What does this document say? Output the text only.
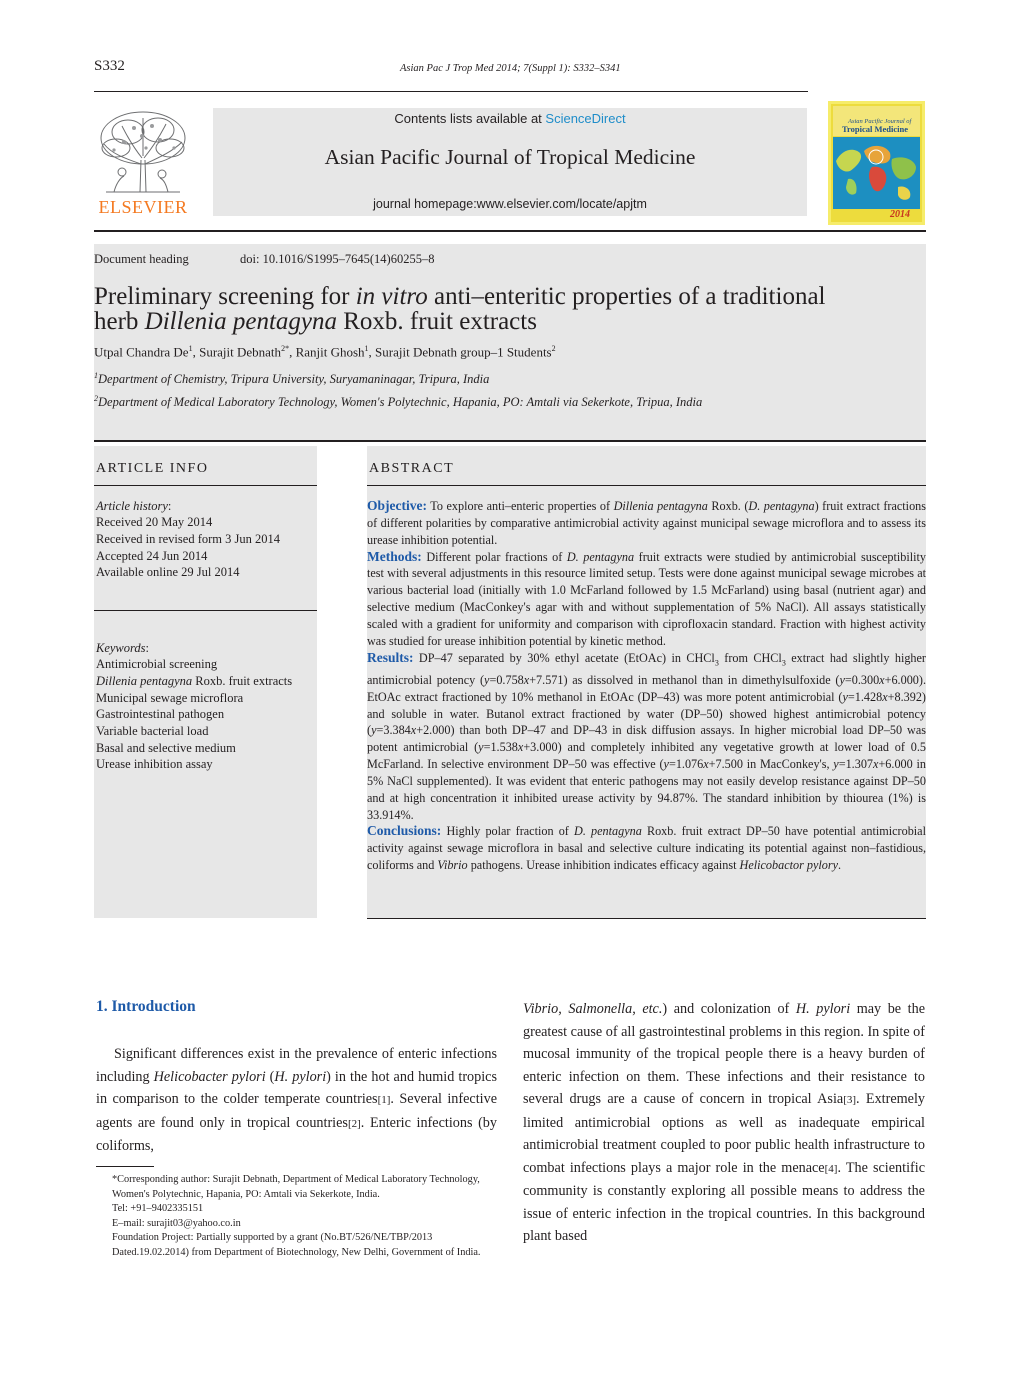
S332	Asian Pac J Trop Med 2014; 7(Suppl 1): S332–S341
ELSEVIER
Contents lists available at ScienceDirect
Asian Pacific Journal of Tropical Medicine
journal homepage:www.elsevier.com/locate/apjtm
Asian Pacific Journal of
Tropical Medicine
2014
Document heading	doi: 10.1016/S1995–7645(14)60255–8
Preliminary screening for in vitro anti–enteritic properties of a traditional
herb Dillenia pentagyna Roxb. fruit extracts
Utpal Chandra De$^1$, Surajit Debnath$^{2*}$, Ranjit Ghosh$^1$, Surajit Debnath group–1 Students$^2$
$^1$Department of Chemistry, Tripura University, Suryamaninagar, Tripura, India
$^2$Department of Medical Laboratory Technology, Women's Polytechnic, Hapania, PO: Amtali via Sekerkote, Tripua, India
ARTICLE INFO	ABSTRACT
Article history:
Received 20 May 2014
Received in revised form 3 Jun 2014
Accepted 24 Jun 2014
Available online 29 Jul 2014
Keywords:
Antimicrobial screening
Dillenia pentagyna Roxb. fruit extracts
Municipal sewage microflora
Gastrointestinal pathogen
Variable bacterial load
Basal and selective medium
Urease inhibition assay
Objective: To explore anti–enteric properties of Dillenia pentagyna Roxb. (D. pentagyna) fruit extract fractions of different polarities by comparative antimicrobial activity against municipal sewage microflora and to assess its urease inhibition potential.
Methods: Different polar fractions of D. pentagyna fruit extracts were studied by antimicrobial susceptibility test with several adjustments in this resource limited setup. Tests were done against municipal sewage microbes at various bacterial load (initially with 1.0 McFarland followed by 1.5 McFarland) using basal (nutrient agar) and selective medium (MacConkey's agar with and without supplementation of 5% NaCl). All assays statistically scaled with a gradient for uniformity and comparison with ciprofloxacin standard. Fraction with highest activity was studied for urease inhibition potential by kinetic method.
Results: DP–47 separated by 30% ethyl acetate (EtOAc) in CHCl$_3$ from CHCl$_3$ extract had slightly higher antimicrobial potency (y=0.758x+7.571) as dissolved in methanol than in dimethylsulfoxide (y=0.300x+6.000). EtOAc extract fractioned by 10% methanol in EtOAc (DP–43) was more potent antimicrobial (y=1.428x+8.392) and soluble in water. Butanol extract fractioned by water (DP–50) showed highest antimicrobial potency (y=3.384x+2.000) than both DP–47 and DP–43 in disk diffusion assays. In higher microbial load DP–50 was potent antimicrobial (y=1.538x+3.000) and completely inhibited any vegetative growth at lower load of 0.5 McFarland. In selective environment DP–50 was effective (y=1.076x+7.500 in MacConkey's, y=1.307x+6.000 in 5% NaCl supplemented). It was evident that enteric pathogens may not easily develop resistance against DP–50 and at high concentration it inhibited urease activity by 94.87%. The standard inhibition by thiourea (1%) is 33.914%.
Conclusions: Highly polar fraction of D. pentagyna Roxb. fruit extract DP–50 have potential antimicrobial activity against sewage microflora in basal and selective culture indicating its potential against non–fastidious, coliforms and Vibrio pathogens. Urease inhibition indicates efficacy against Helicobactor pylory.
1. Introduction
Significant differences exist in the prevalence of enteric infections including Helicobacter pylori (H. pylori) in the hot and humid tropics in comparison to the colder temperate countries[1]. Several infective agents are found only in tropical countries[2]. Enteric infections (by coliforms,
Vibrio, Salmonella, etc.) and colonization of H. pylori may be the greatest cause of all gastrointestinal problems in this region. In spite of mucosal immunity of the tropical people there is a heavy burden of enteric infection on them. These infections and their resistance to several drugs are a cause of concern in tropical Asia[3]. Extremely limited antimicrobial options as well as inadequate empirical antimicrobial treatment coupled to poor public health infrastructure to combat infections plays a major role in the menace[4]. The scientific community is constantly exploring all possible means to address the issue of enteric infection in the tropical countries. In this background plant based
*Corresponding author: Surajit Debnath, Department of Medical Laboratory Technology, Women's Polytechnic, Hapania, PO: Amtali via Sekerkote, India.
Tel: +91–9402335151
E–mail: surajit03@yahoo.co.in
Foundation Project: Partially supported by a grant (No.BT/526/NE/TBP/2013 Dated.19.02.2014) from Department of Biotechnology, New Delhi, Government of India.
